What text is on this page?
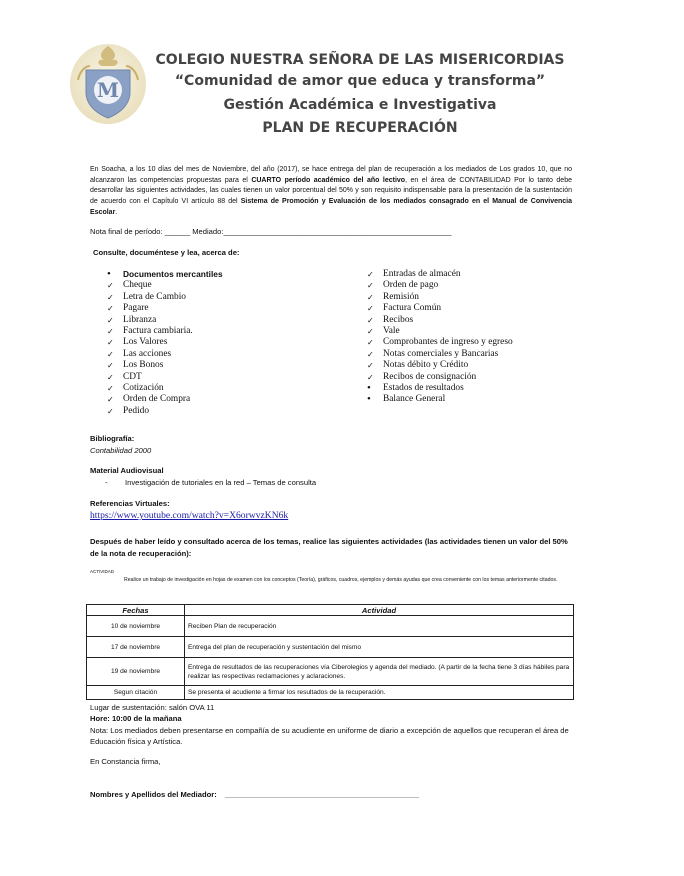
M
COLEGIO NUESTRA SEÑORA DE LAS MISERICORDIAS
“Comunidad de amor que educa y transforma”
Gestión Académica e Investigativa
PLAN DE RECUPERACIÓN
En Soacha, a los 10 días del mes de Noviembre, del año (2017), se hace entrega del plan de recuperación a los mediados de Los grados 10, que no alcanzaron las competencias propuestas para el CUARTO período académico del año lectivo, en el área de CONTABILIDAD Por lo tanto debe desarrollar las siguientes actividades, las cuales tienen un valor porcentual del 50% y son requisito indispensable para la presentación de la sustentación de acuerdo con el Capítulo VI artículo 88 del Sistema de Promoción y Evaluación de los mediados consagrado en el Manual de Convivencia Escolar.
Nota final de período: ______ Mediado:______________________________________________________
Consulte, documéntese y lea, acerca de:
•	Documentos mercantiles
✓ Cheque
✓ Letra de Cambio
✓ Pagare
✓ Libranza
✓ Factura cambiaria.
✓ Los Valores
✓ Las acciones
✓ Los Bonos
✓ CDT
✓ Cotización
✓ Orden de Compra
✓ Pedido
✓ Entradas de almacén
✓ Orden de pago
✓ Remisión
✓ Factura Común
✓ Recibos
✓ Vale
✓ Comprobantes de ingreso y egreso
✓ Notas comerciales y Bancarias
✓ Notas débito y Crédito
✓ Recibos de consignación
•	Estados de resultados
•	Balance General
Bibliografía:
Contabilidad 2000
Material Audiovisual
- Investigación de tutoriales en la red – Temas de consulta
Referencias Virtuales:
https://www.youtube.com/watch?v=X6orwvzKN6k
Después de haber leído y consultado acerca de los temas, realice las siguientes actividades (las actividades tienen un valor del 50% de la nota de recuperación):
ACTIVIDAD
Realice un trabajo de investigación en hojas de examen con los conceptos (Teoría), gráficos, cuadros, ejemplos y demás ayudas que crea conveniente con los temas anteriormente citados.
Fechas	Actividad
10 de noviembre	Reciben Plan de recuperación
17 de noviembre	Entrega del plan de recuperación y sustentación del mismo
19 de noviembre	Entrega de resultados de las recuperaciones vía Ciberolegios y agenda del mediado. (A partir de la fecha tiene 3 días hábiles para realizar las respectivas reclamaciones y aclaraciones.
Segun citación	Se presenta el acudiente a firmar los resultados de la recuperación.
Lugar de sustentación: salón OVA 11
Hore: 10:00 de la mañana
Nota: Los mediados deben presentarse en compañía de su acudiente en uniforme de diario a excepción de aquellos que recuperan el área de Educación física y Artística.
En Constancia firma,
Nombres y Apellidos del Mediador: ______________________________________________
